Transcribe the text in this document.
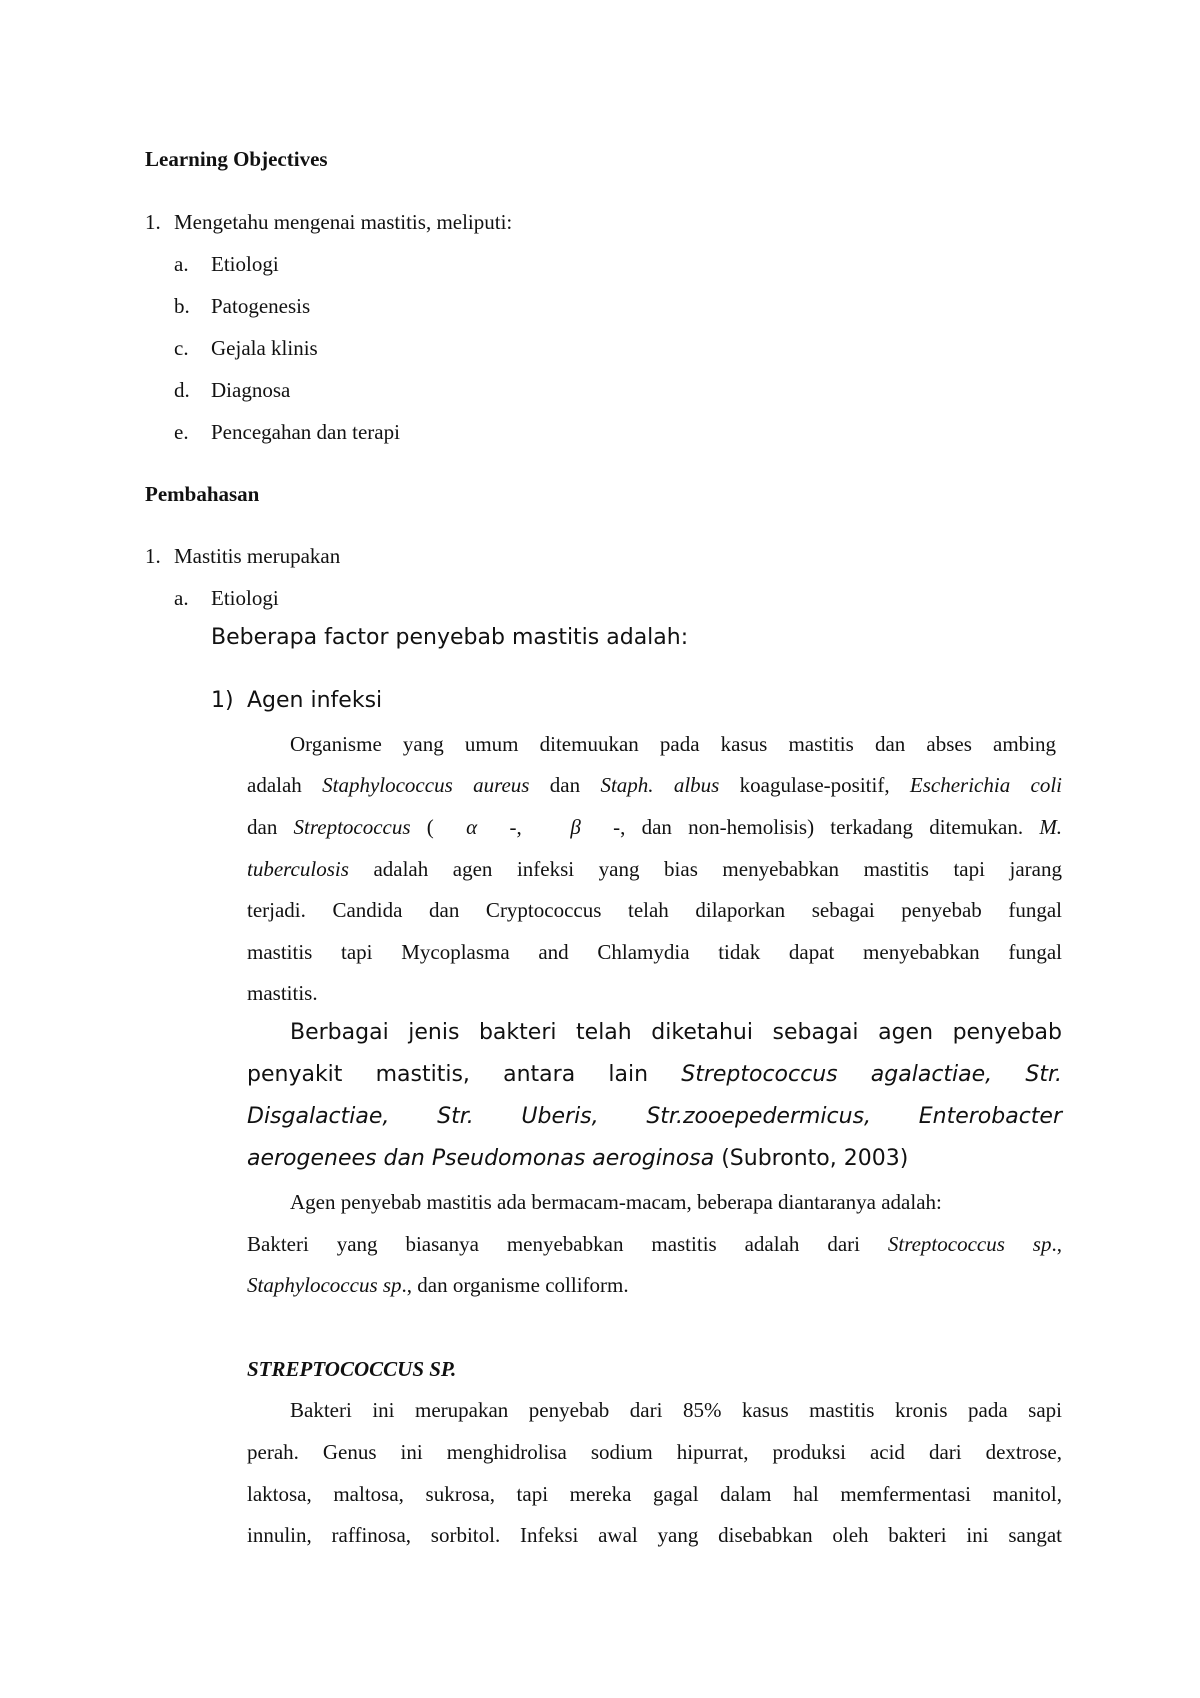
Learning Objectives
1. Mengetahu mengenai mastitis, meliputi:
a. Etiologi
b. Patogenesis
c. Gejala klinis
d. Diagnosa
e. Pencegahan dan terapi
Pembahasan
1. Mastitis merupakan
a. Etiologi
Beberapa factor penyebab mastitis adalah:
1) Agen infeksi
Organisme yang umum ditemuukan pada kasus mastitis dan abses ambing
adalah Staphylococcus aureus dan Staph. albus koagulase-positif, Escherichia coli
dan Streptococcus ( α -, β -, dan non-hemolisis) terkadang ditemukan. M.
tuberculosis adalah agen infeksi yang bias menyebabkan mastitis tapi jarang
terjadi. Candida dan Cryptococcus telah dilaporkan sebagai penyebab fungal
mastitis tapi Mycoplasma and Chlamydia tidak dapat menyebabkan fungal
mastitis.
Berbagai jenis bakteri telah diketahui sebagai agen penyebab
penyakit mastitis, antara lain Streptococcus agalactiae, Str.
Disgalactiae, Str. Uberis, Str.zooepedermicus, Enterobacter
aerogenees dan Pseudomonas aeroginosa (Subronto, 2003)
Agen penyebab mastitis ada bermacam-macam, beberapa diantaranya adalah:
Bakteri yang biasanya menyebabkan mastitis adalah dari Streptococcus sp.,
Staphylococcus sp., dan organisme colliform.
STREPTOCOCCUS SP.
Bakteri ini merupakan penyebab dari 85% kasus mastitis kronis pada sapi
perah. Genus ini menghidrolisa sodium hipurrat, produksi acid dari dextrose,
laktosa, maltosa, sukrosa, tapi mereka gagal dalam hal memfermentasi manitol,
innulin, raffinosa, sorbitol. Infeksi awal yang disebabkan oleh bakteri ini sangat
